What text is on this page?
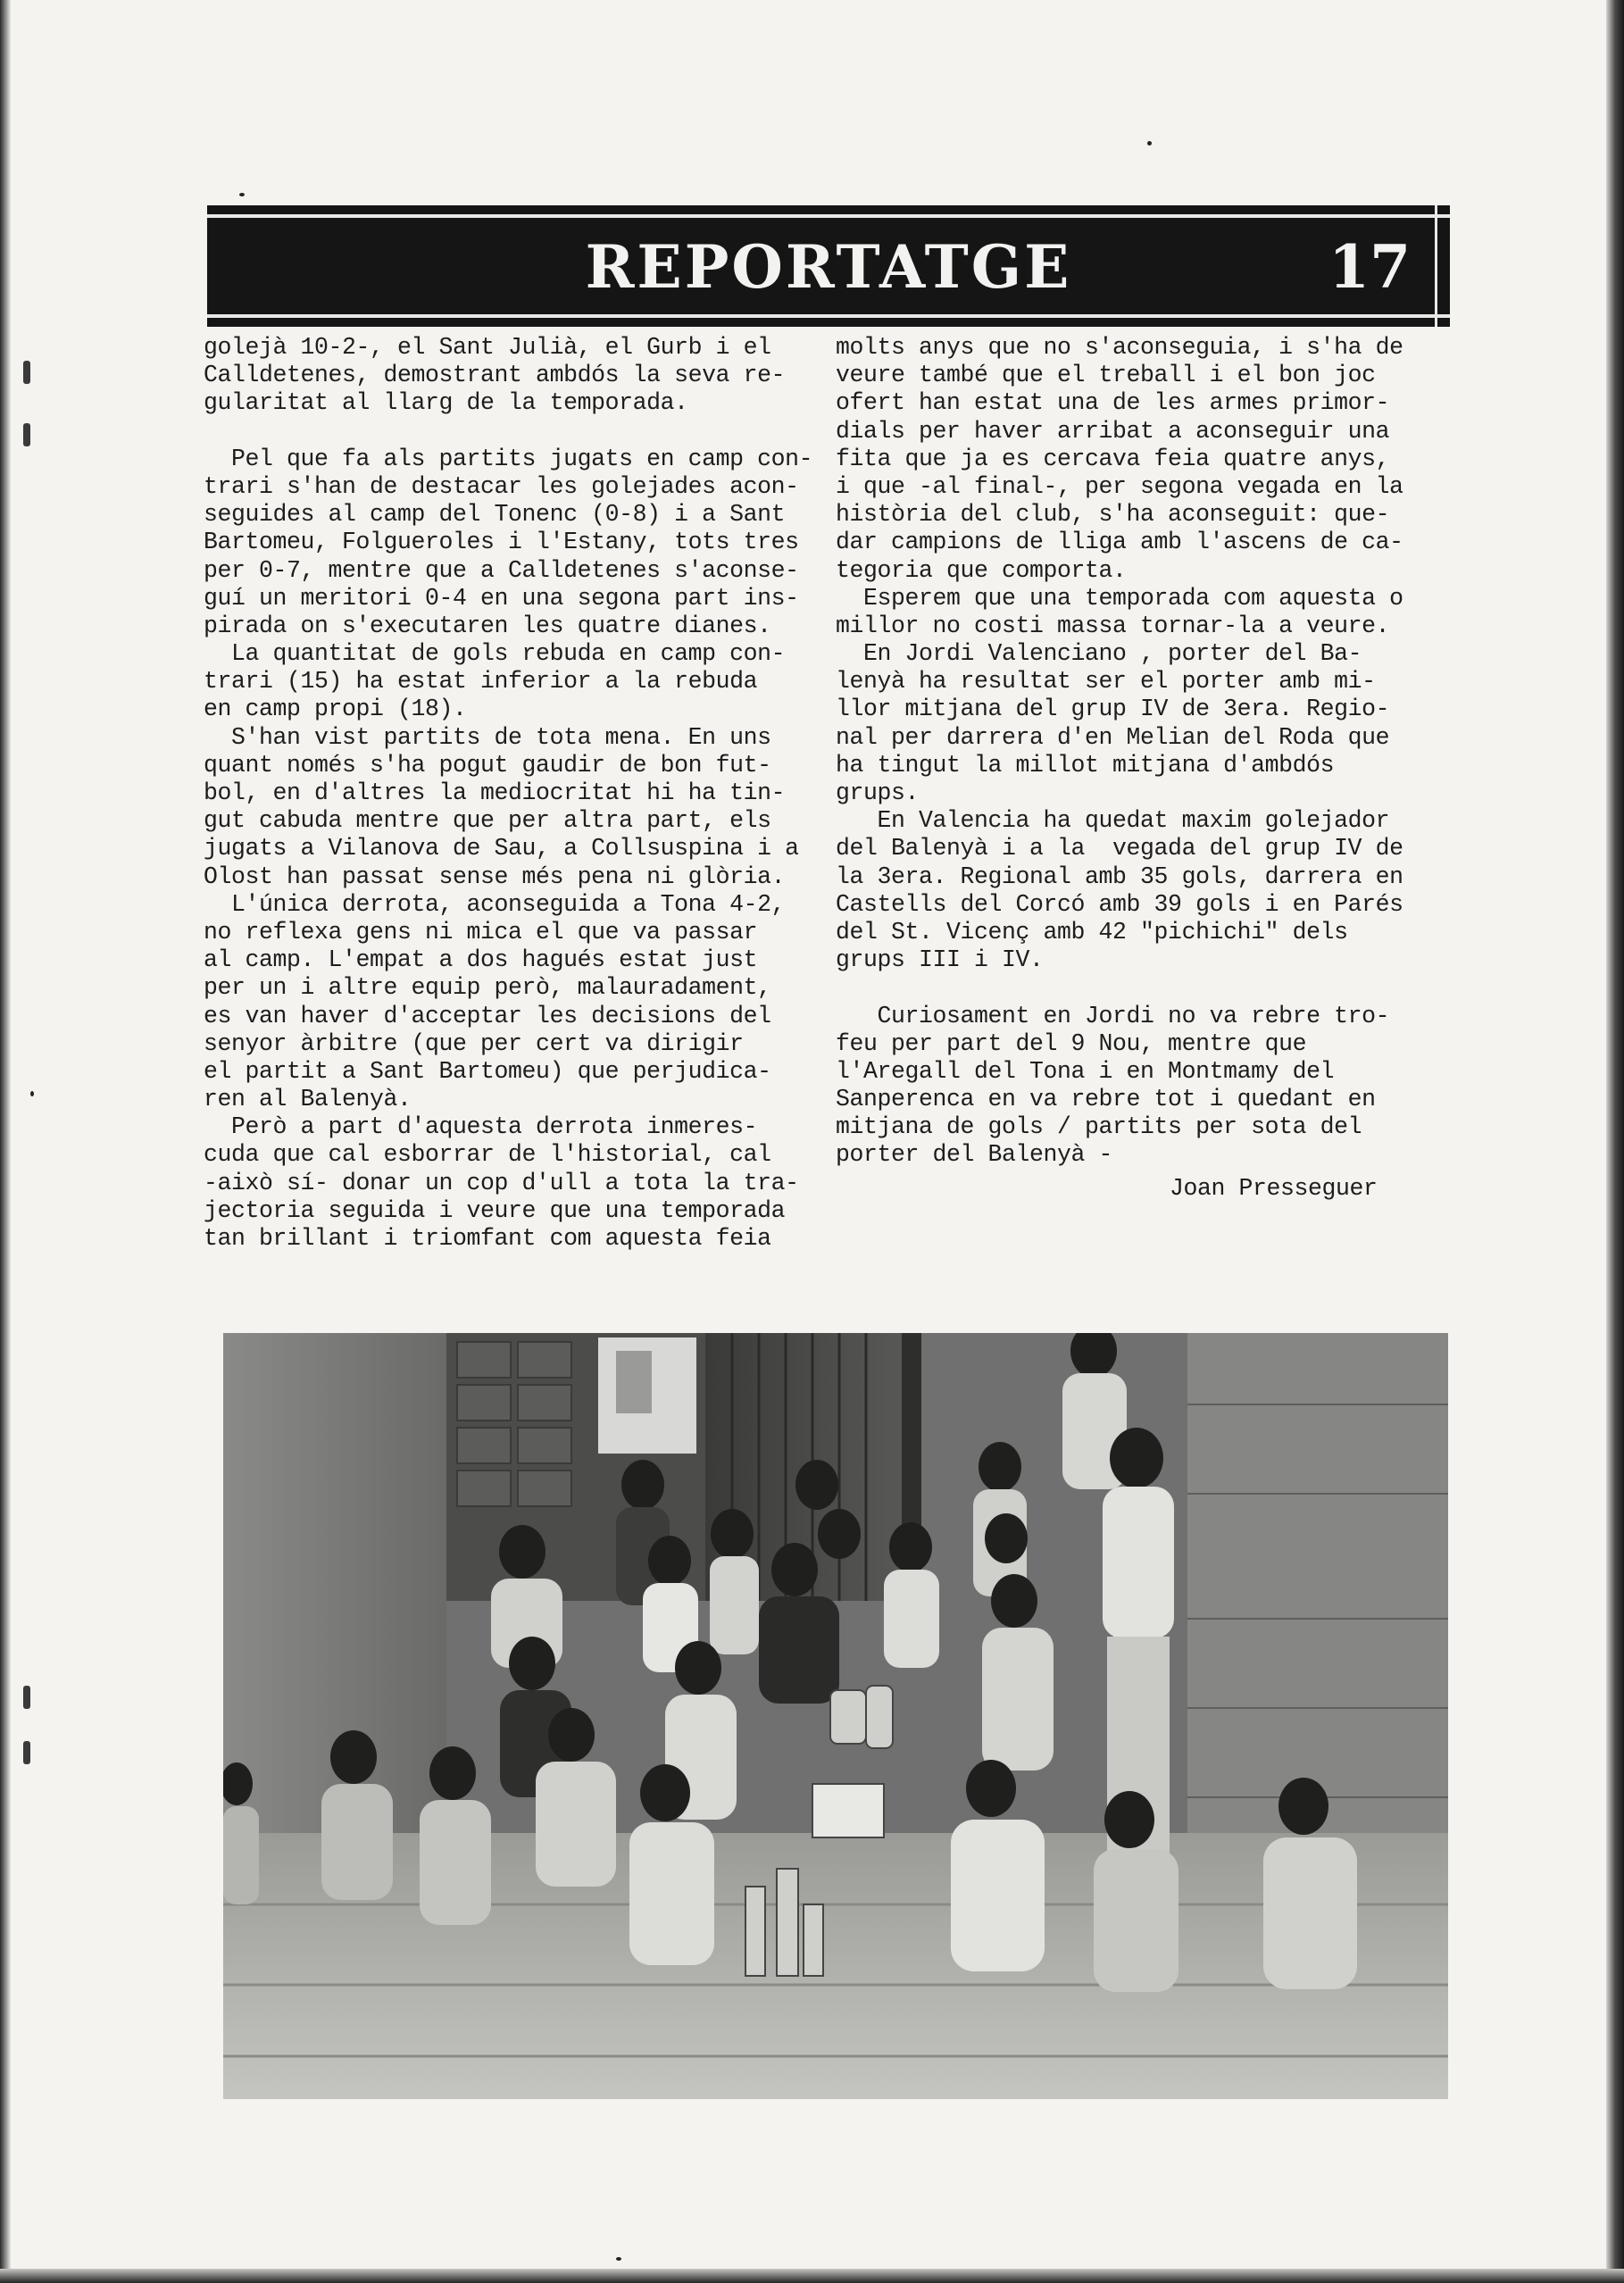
REPORTATGE	17
golejà 10-2-, el Sant Julià, el Gurb i el
Calldetenes, demostrant ambdós la seva re-
gularitat al llarg de la temporada.
Pel que fa als partits jugats en camp con-
trari s'han de destacar les golejades acon-
seguides al camp del Tonenc (0-8) i a Sant
Bartomeu, Folgueroles i l'Estany, tots tres
per 0-7, mentre que a Calldetenes s'aconse-
guí un meritori 0-4 en una segona part ins-
pirada on s'executaren les quatre dianes.
La quantitat de gols rebuda en camp con-
trari (15) ha estat inferior a la rebuda
en camp propi (18).
S'han vist partits de tota mena. En uns
quant només s'ha pogut gaudir de bon fut-
bol, en d'altres la mediocritat hi ha tin-
gut cabuda mentre que per altra part, els
jugats a Vilanova de Sau, a Collsuspina i a
Olost han passat sense més pena ni glòria.
L'única derrota, aconseguida a Tona 4-2,
no reflexa gens ni mica el que va passar
al camp. L'empat a dos hagués estat just
per un i altre equip però, malauradament,
es van haver d'acceptar les decisions del
senyor àrbitre (que per cert va dirigir
el partit a Sant Bartomeu) que perjudica-
ren al Balenyà.
Però a part d'aquesta derrota inmeres-
cuda que cal esborrar de l'historial, cal
-això sí- donar un cop d'ull a tota la tra-
jectoria seguida i veure que una temporada
tan brillant i triomfant com aquesta feia
molts anys que no s'aconseguia, i s'ha de
veure també que el treball i el bon joc
ofert han estat una de les armes primor-
dials per haver arribat a aconseguir una
fita que ja es cercava feia quatre anys,
i que -al final-, per segona vegada en la
història del club, s'ha aconseguit: que-
dar campions de lliga amb l'ascens de ca-
tegoria que comporta.
Esperem que una temporada com aquesta o
millor no costi massa tornar-la a veure.
En Jordi Valenciano , porter del Ba-
lenyà ha resultat ser el porter amb mi-
llor mitjana del grup IV de 3era. Regio-
nal per darrera d'en Melian del Roda que
ha tingut la millot mitjana d'ambdós
grups.
En Valencia ha quedat maxim golejador
del Balenyà i a la  vegada del grup IV de
la 3era. Regional amb 35 gols, darrera en
Castells del Corcó amb 39 gols i en Parés
del St. Vicenç amb 42 "pichichi" dels
grups III i IV.
Curiosament en Jordi no va rebre tro-
feu per part del 9 Nou, mentre que
l'Aregall del Tona i en Montmamy del
Sanperenca en va rebre tot i quedant en
mitjana de gols / partits per sota del
porter del Balenyà -
Joan Presseguer
